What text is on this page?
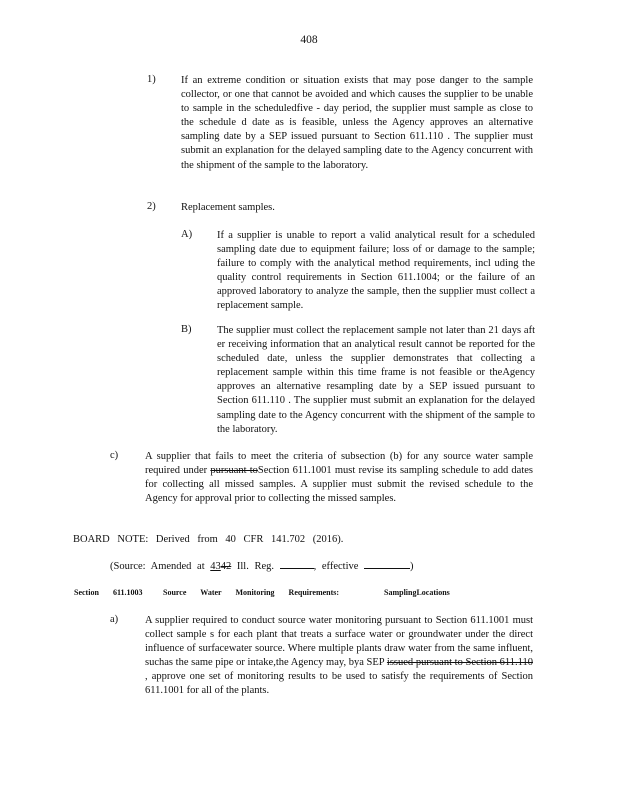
408
1) If an extreme condition or situation exists that may pose danger to the sample collector, or one that cannot be avoided and which causes the supplier to be unable to sample in the scheduledfive - day period, the supplier must sample as close to the schedule d date as is feasible, unless the Agency approves an alternative sampling date by a SEP issued pursuant to Section 611.110 . The supplier must submit an explanation for the delayed sampling date to the Agency concurrent with the shipment of the sample to the laboratory.
2) Replacement samples.
A) If a supplier is unable to report a valid analytical result for a scheduled sampling date due to equipment failure; loss of or damage to the sample; failure to comply with the analytical method requirements, incl uding the quality control requirements in Section 611.1004; or the failure of an approved laboratory to analyze the sample, then the supplier must collect a replacement sample.
B) The supplier must collect the replacement sample not later than 21 days aft er receiving information that an analytical result cannot be reported for the scheduled date, unless the supplier demonstrates that collecting a replacement sample within this time frame is not feasible or theAgency approves an alternative resampling date by a SEP issued pursuant to Section 611.110 . The supplier must submit an explanation for the delayed sampling date to the Agency concurrent with the shipment of the sample to the laboratory.
c)	A supplier that fails to meet the criteria of subsection (b) for any source water sample required under pursuant toSection 611.1001 must revise its sampling schedule to add dates for collecting all missed samples. A supplier must submit the revised schedule to the Agency for approval prior to collecting the missed samples.
BOARD NOTE: Derived from 40 CFR 141.702 (2016).
(Source: Amended at 4342 Ill. Reg.	, effective	)
Section 611.1003	Source Water Monitoring Requirements:	SamplingLocations
a)	A supplier required to conduct source water monitoring pursuant to Section 611.1001 must collect sample s for each plant that treats a surface water or groundwater under the direct influence of surfacewater source. Where multiple plants draw water from the same influent, suchas the same pipe or intake,the Agency may, bya SEP issued pursuant to Section 611.110 , approve one set of monitoring results to be used to satisfy the requirements of Section 611.1001 for all of the plants.
